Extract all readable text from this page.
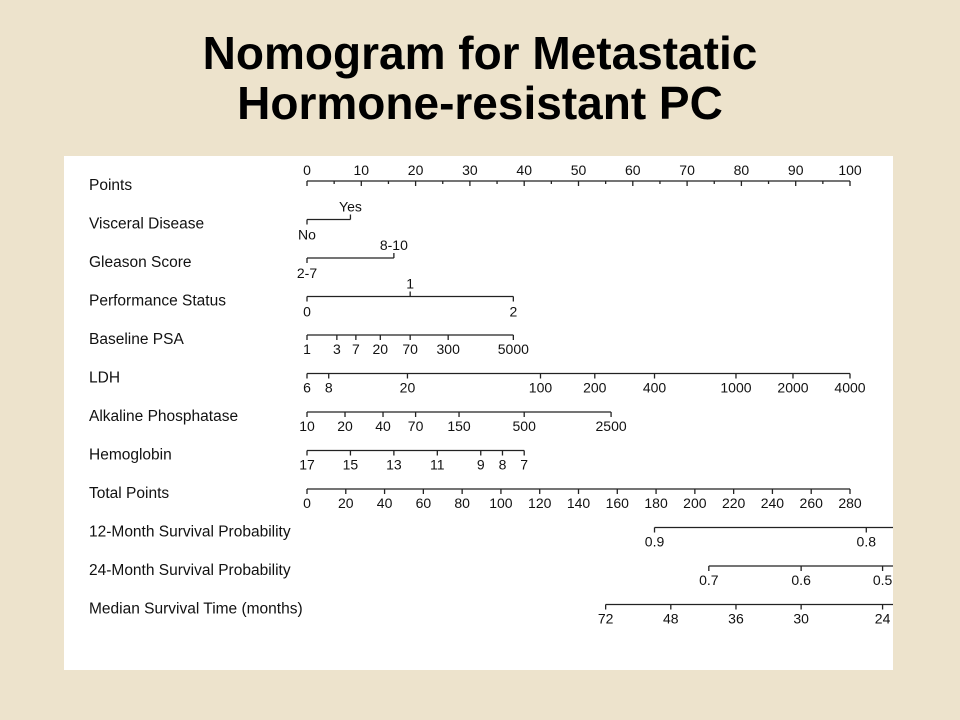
Nomogram for Metastatic
Hormone-resistant PC
Points
0	10	20	30	40	50	60	70	80	90 100
Visceral Disease
No
Yes
Gleason Score
2-7
8-10
Performance Status
0
1
2
Baseline PSA
1 3 7 20 70 300	5000
LDH
6 8	20	100 200	400	1000 2000 4000
Alkaline Phosphatase
10 20 40 70 150	500	2500
Hemoglobin
17 15 13 11 9 8 7
Total Points
0 20 40 60 80 100 120 140 160 180 200 220 240 260 280
12-Month Survival Probability
0.9	0.8
24-Month Survival Probability
0.7	0.6	0.5
Median Survival Time (months)
72	48	36	30	24
